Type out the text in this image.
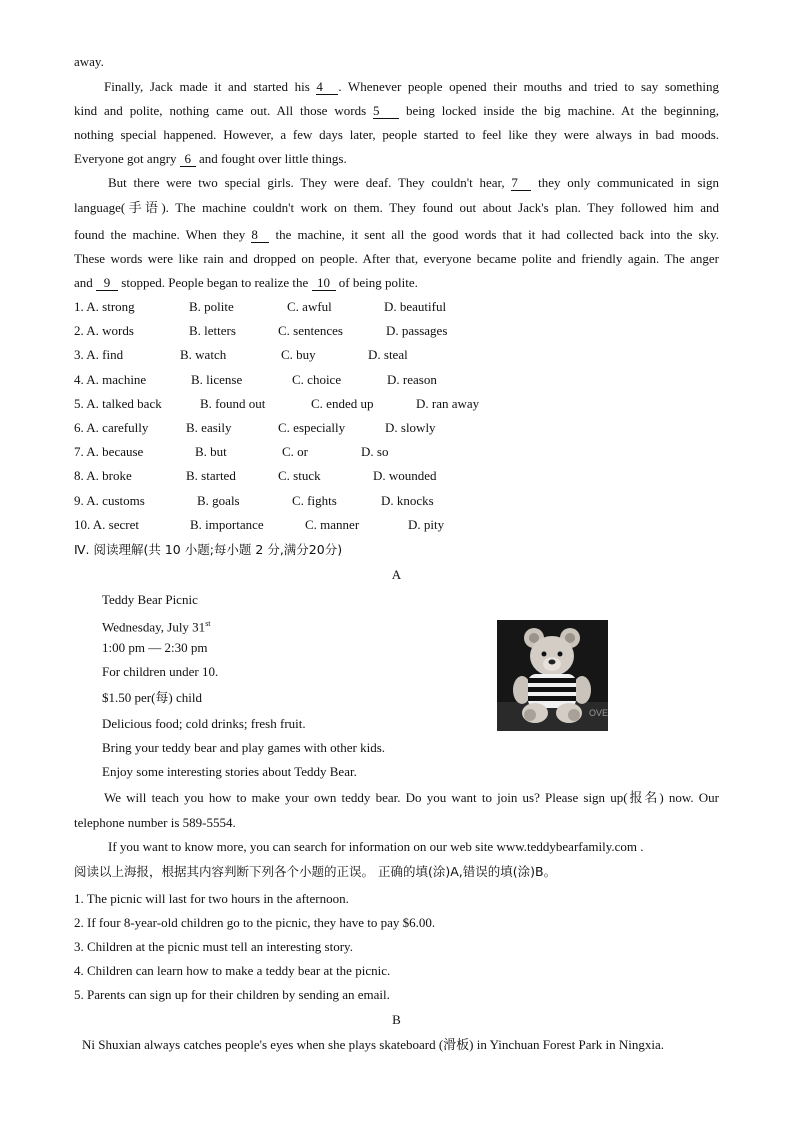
away.
Finally, Jack made it and started his 4 . Whenever people opened their mouths and tried to say something
kind and polite, nothing came out. All those words 5 being locked inside the big machine. At the beginning,
nothing special happened. However, a few days later, people started to feel like they were always in bad moods.
Everyone got angry 6 and fought over little things.
But there were two special girls. They were deaf. They couldn't hear, 7 they only communicated in sign
language(手语). The machine couldn't work on them. They found out about Jack's plan. They followed him and
found the machine. When they 8 the machine, it sent all the good words that it had collected back into the sky.
These words were like rain and dropped on people. After that, everyone became polite and friendly again. The anger
and 9 stopped. People began to realize the 10 of being polite.
1. A. strong	B. polite	C. awful	D. beautiful
2. A. words	B. letters	C. sentences	D. passages
3. A. find	B. watch	C. buy	D. steal
4. A. machine	B. license	C. choice	D. reason
5. A. talked back	B. found out	C. ended up	D. ran away
6. A. carefully	B. easily	C. especially	D. slowly
7. A. because	B. but	C. or	D. so
8. A. broke	B. started	C. stuck	D. wounded
9. A. customs	B. goals	C. fights	D. knocks
10. A. secret	B. importance	C. manner	D. pity
Ⅳ. 阅读理解(共 10 小题;每小题 2 分,满分20分)
A
Teddy Bear Picnic
Wednesday, July 31st
1:00 pm — 2:30 pm
For children under 10.
$1.50 per(每) child
Delicious food; cold drinks; fresh fruit.
Bring your teddy bear and play games with other kids.
Enjoy some interesting stories about Teddy Bear.
OVE
We will teach you how to make your own teddy bear. Do you want to join us? Please sign up(报名) now. Our
telephone number is 589-5554.
If you want to know more, you can search for information on our web site www.teddybearfamily.com .
阅读以上海报，根据其内容判断下列各个小题的正误。 正确的填(涂)A,错误的填(涂)B。
1. The picnic will last for two hours in the afternoon.
2. If four 8-year-old children go to the picnic, they have to pay $6.00.
3. Children at the picnic must tell an interesting story.
4. Children can learn how to make a teddy bear at the picnic.
5. Parents can sign up for their children by sending an email.
B
Ni Shuxian always catches people's eyes when she plays skateboard (滑板) in Yinchuan Forest Park in Ningxia.
